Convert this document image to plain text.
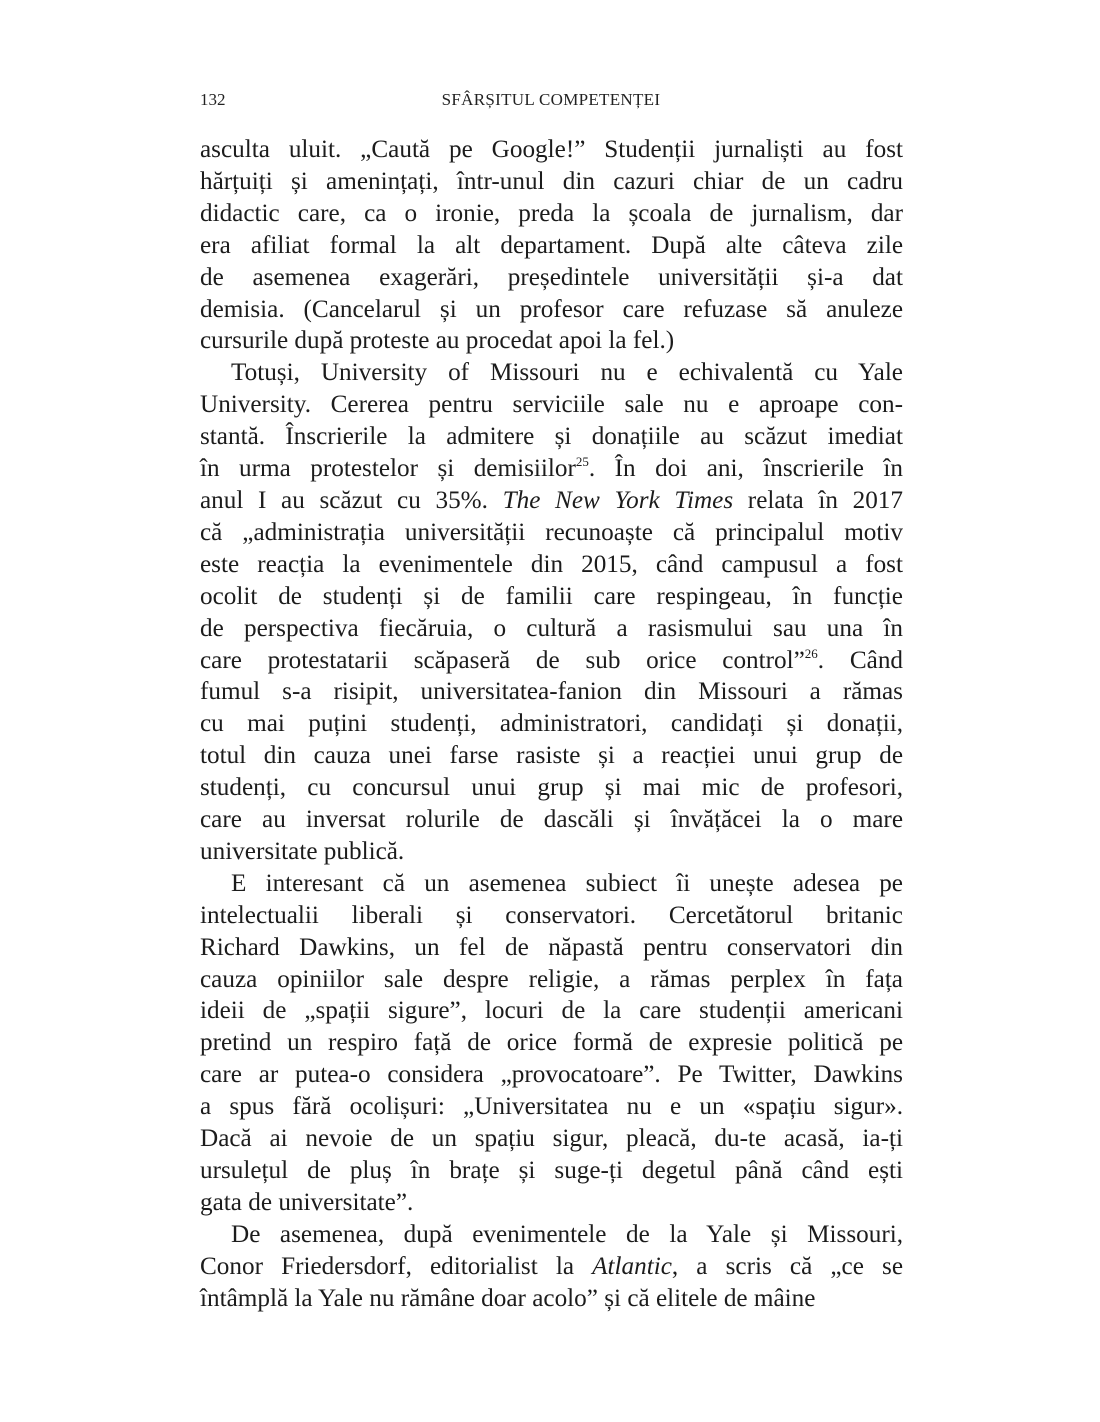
132	SFÂRȘITUL COMPETENȚEI

asculta uluit. „Caută pe Google!” Studenții jurnaliști au fost
hărțuiți și amenințați, într-unul din cazuri chiar de un cadru
didactic care, ca o ironie, preda la școala de jurnalism, dar
era afiliat formal la alt departament. După alte câteva zile
de asemenea exagerări, președintele universității și-a dat
demisia. (Cancelarul și un profesor care refuzase să anuleze
cursurile după proteste au procedat apoi la fel.)

Totuși, University of Missouri nu e echivalentă cu Yale
University. Cererea pentru serviciile sale nu e aproape con-
stantă. Înscrierile la admitere și donațiile au scăzut imediat
în urma protestelor și demisiilor$^{25}$. În doi ani, înscrierile în
anul I au scăzut cu 35%. The New York Times relata în 2017
că „administrația universității recunoaște că principalul motiv
este reacția la evenimentele din 2015, când campusul a fost
ocolit de studenți și de familii care respingeau, în funcție
de perspectiva fiecăruia, o cultură a rasismului sau una în
care protestatarii scăpaseră de sub orice control”$^{26}$. Când
fumul s-a risipit, universitatea-fanion din Missouri a rămas
cu mai puțini studenți, administratori, candidați și donații,
totul din cauza unei farse rasiste și a reacției unui grup de
studenți, cu concursul unui grup și mai mic de profesori,
care au inversat rolurile de dascăli și învățăcei la o mare
universitate publică.

E interesant că un asemenea subiect îi unește adesea pe
intelectualii liberali și conservatori. Cercetătorul britanic
Richard Dawkins, un fel de năpastă pentru conservatori din
cauza opiniilor sale despre religie, a rămas perplex în fața
ideii de „spații sigure”, locuri de la care studenții americani
pretind un respiro față de orice formă de expresie politică pe
care ar putea-o considera „provocatoare”. Pe Twitter, Dawkins
a spus fără ocolișuri: „Universitatea nu e un «spațiu sigur».
Dacă ai nevoie de un spațiu sigur, pleacă, du-te acasă, ia-ți
ursulețul de pluș în brațe și suge-ți degetul până când ești
gata de universitate”.

De asemenea, după evenimentele de la Yale și Missouri,
Conor Friedersdorf, editorialist la Atlantic, a scris că „ce se
întâmplă la Yale nu rămâne doar acolo” și că elitele de mâine
